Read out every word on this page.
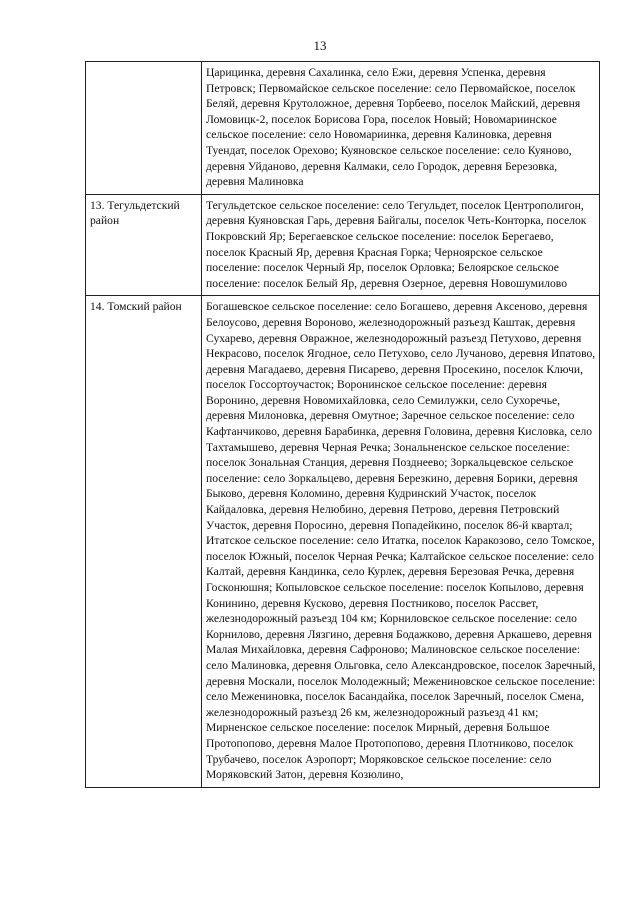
13
	Царицинка, деревня Сахалинка, село Ежи, деревня Успенка, деревня Петровск; Первомайское сельское поселение: село Первомайское, поселок Беляй, деревня Крутоложное, деревня Торбеево, поселок Майский, деревня Ломовицк-2, поселок Борисова Гора, поселок Новый; Новомариинское сельское поселение: село Новомариинка, деревня Калиновка, деревня Туендат, поселок Орехово; Куяновское сельское поселение: село Куяново, деревня Уйданово, деревня Калмаки, село Городок, деревня Березовка, деревня Малиновка
13. Тегульдетский район	Тегульдетское сельское поселение: село Тегульдет, поселок Центрополигон, деревня Куяновская Гарь, деревня Байгалы, поселок Четь-Конторка, поселок Покровский Яр; Берегаевское сельское поселение: поселок Берегаево, поселок Красный Яр, деревня Красная Горка; Черноярское сельское поселение: поселок Черный Яр, поселок Орловка; Белоярское сельское поселение: поселок Белый Яр, деревня Озерное, деревня Новошумилово
14. Томский район	Богашевское сельское поселение: село Богашево, деревня Аксеново, деревня Белоусово, деревня Вороново, железнодорожный разъезд Каштак, деревня Сухарево, деревня Овражное, железнодорожный разъезд Петухово, деревня Некрасово, поселок Ягодное, село Петухово, село Лучаново, деревня Ипатово, деревня Магадаево, деревня Писарево, деревня Просекино, поселок Ключи, поселок Госсортоучасток; Воронинское сельское поселение: деревня Воронино, деревня Новомихайловка, село Семилужки, село Сухоречье, деревня Милоновка, деревня Омутное; Заречное сельское поселение: село Кафтанчиково, деревня Барабинка, деревня Головина, деревня Кисловка, село Тахтамышево, деревня Черная Речка; Зональненское сельское поселение: поселок Зональная Станция, деревня Позднеево; Зоркальцевское сельское поселение: село Зоркальцево, деревня Березкино, деревня Борики, деревня Быково, деревня Коломино, деревня Кудринский Участок, поселок Кайдаловка, деревня Нелюбино, деревня Петрово, деревня Петровский Участок, деревня Поросино, деревня Попадейкино, поселок 86-й квартал; Итатское сельское поселение: село Итатка, поселок Каракозово, село Томское, поселок Южный, поселок Черная Речка; Калтайское сельское поселение: село Калтай, деревня Кандинка, село Курлек, деревня Березовая Речка, деревня Госконюшня; Копыловское сельское поселение: поселок Копылово, деревня Конинино, деревня Кусково, деревня Постниково, поселок Рассвет, железнодорожный разъезд 104 км; Корниловское сельское поселение: село Корнилово, деревня Лязгино, деревня Бодажково, деревня Аркашево, деревня Малая Михайловка, деревня Сафроново; Малиновское сельское поселение: село Малиновка, деревня Ольговка, село Александровское, поселок Заречный, деревня Москали, поселок Молодежный; Межениновское сельское поселение: село Межениновка, поселок Басандайка, поселок Заречный, поселок Смена, железнодорожный разъезд 26 км, железнодорожный разъезд 41 км; Мирненское сельское поселение: поселок Мирный, деревня Большое Протопопово, деревня Малое Протопопово, деревня Плотниково, поселок Трубачево, поселок Аэропорт; Моряковское сельское поселение: село Моряковский Затон, деревня Козюлино,
